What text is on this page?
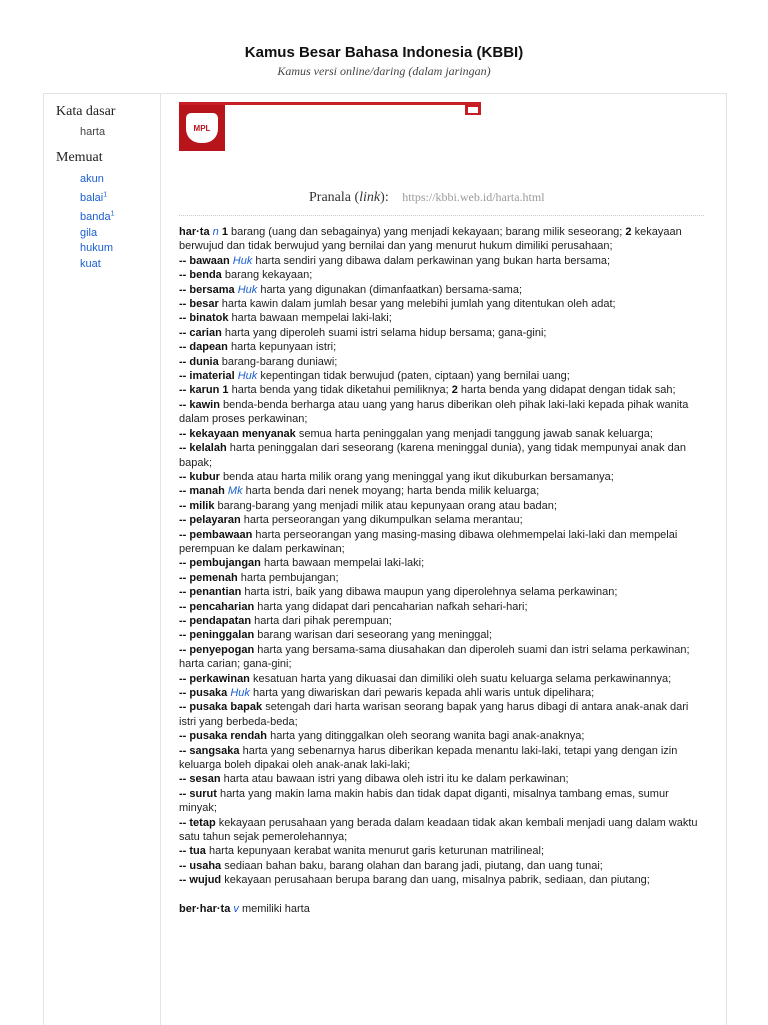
Kamus Besar Bahasa Indonesia (KBBI)
Kamus versi online/daring (dalam jaringan)
Kata dasar
harta
Memuat
akun
balai$^1$
banda$^1$
gila
hukum
kuat
MPL
Pranala (link): https://kbbi.web.id/harta.html
har·ta n 1 barang (uang dan sebagainya) yang menjadi kekayaan; barang milik seseorang; 2 kekayaan berwujud dan tidak berwujud yang bernilai dan yang menurut hukum dimiliki perusahaan;
-- bawaan Huk harta sendiri yang dibawa dalam perkawinan yang bukan harta bersama;
-- benda barang kekayaan;
-- bersama Huk harta yang digunakan (dimanfaatkan) bersama-sama;
-- besar harta kawin dalam jumlah besar yang melebihi jumlah yang ditentukan oleh adat;
-- binatok harta bawaan mempelai laki-laki;
-- carian harta yang diperoleh suami istri selama hidup bersama; gana-gini;
-- dapean harta kepunyaan istri;
-- dunia barang-barang duniawi;
-- imaterial Huk kepentingan tidak berwujud (paten, ciptaan) yang bernilai uang;
-- karun 1 harta benda yang tidak diketahui pemiliknya; 2 harta benda yang didapat dengan tidak sah;
-- kawin benda-benda berharga atau uang yang harus diberikan oleh pihak laki-laki kepada pihak wanita dalam proses perkawinan;
-- kekayaan menyanak semua harta peninggalan yang menjadi tanggung jawab sanak keluarga;
-- kelalah harta peninggalan dari seseorang (karena meninggal dunia), yang tidak mempunyai anak dan bapak;
-- kubur benda atau harta milik orang yang meninggal yang ikut dikuburkan bersamanya;
-- manah Mk harta benda dari nenek moyang; harta benda milik keluarga;
-- milik barang-barang yang menjadi milik atau kepunyaan orang atau badan;
-- pelayaran harta perseorangan yang dikumpulkan selama merantau;
-- pembawaan harta perseorangan yang masing-masing dibawa olehmempelai laki-laki dan mempelai perempuan ke dalam perkawinan;
-- pembujangan harta bawaan mempelai laki-laki;
-- pemenah harta pembujangan;
-- penantian harta istri, baik yang dibawa maupun yang diperolehnya selama perkawinan;
-- pencaharian harta yang didapat dari pencaharian nafkah sehari-hari;
-- pendapatan harta dari pihak perempuan;
-- peninggalan barang warisan dari seseorang yang meninggal;
-- penyepogan harta yang bersama-sama diusahakan dan diperoleh suami dan istri selama perkawinan; harta carian; gana-gini;
-- perkawinan kesatuan harta yang dikuasai dan dimiliki oleh suatu keluarga selama perkawinannya;
-- pusaka Huk harta yang diwariskan dari pewaris kepada ahli waris untuk dipelihara;
-- pusaka bapak setengah dari harta warisan seorang bapak yang harus dibagi di antara anak-anak dari istri yang berbeda-beda;
-- pusaka rendah harta yang ditinggalkan oleh seorang wanita bagi anak-anaknya;
-- sangsaka harta yang sebenarnya harus diberikan kepada menantu laki-laki, tetapi yang dengan izin keluarga boleh dipakai oleh anak-anak laki-laki;
-- sesan harta atau bawaan istri yang dibawa oleh istri itu ke dalam perkawinan;
-- surut harta yang makin lama makin habis dan tidak dapat diganti, misalnya tambang emas, sumur minyak;
-- tetap kekayaan perusahaan yang berada dalam keadaan tidak akan kembali menjadi uang dalam waktu satu tahun sejak pemerolehannya;
-- tua harta kepunyaan kerabat wanita menurut garis keturunan matrilineal;
-- usaha sediaan bahan baku, barang olahan dan barang jadi, piutang, dan uang tunai;
-- wujud kekayaan perusahaan berupa barang dan uang, misalnya pabrik, sediaan, dan piutang;
ber·har·ta v memiliki harta
